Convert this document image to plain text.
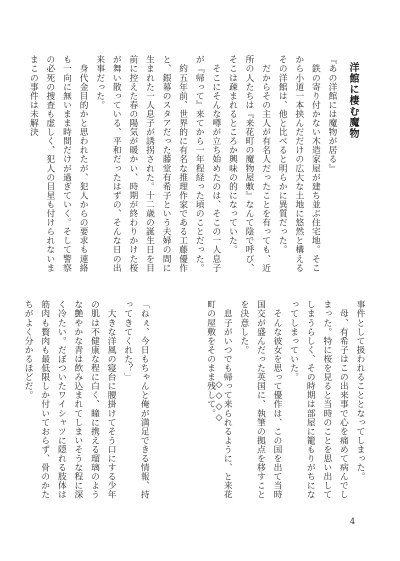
洋館に棲む魔物

『あの洋館には魔物が居る』

　鉄の寄り付かない木造家屋が建ち並ぶ住宅地。そこから小道一本挟んだだけの広大な土地に悠然と構えるその洋館は、他と比べると明らかに異質だった。

　だからその主人が有名人だったことを有っても、近所の人たちは『来花町の魔物屋敷』なんて陰で呼び、そこは疎まれるところか興味の的になっていた。

　そこにそんな噂が立ち始めたのは、そこの一人息子が『帰って』来てから一年程経った頃のことだった。

　約五年前、世界的に有名な推理作家である工藤優作と、銀幕のスタアだった藤堂有希子という夫婦の間に生まれた一人息子が誘拐された。十二歳の誕生日を目前に控えた春の陽気が暖かい、時期が終わりかけた桜が舞い散っている、平和だったはずの、そんな日の出来事だった。

　身代金目的かと思われたが、犯人からの要求も連絡も一向に無いまま時間だけが過ぎていく。そして警察の必死の捜査も虚しく、犯人の目星も付けられないままこの事件は未解決

事件として扱われることとなってしまった。

　母、有希子はこの出来事で心を痛めて病んでしまった。特に桜を見ると当時のことを思い出してしまうらしく、その時期は部屋に籠もりがちになってしまっていた。

　そんな彼女を思って優作は、この国を出て当時国交が盛んだった英国に、執筆の拠点を移すことを決意した。

　息子がいつでも帰って来られるように、と来花町の屋敷をそのまま残して。

「ねぇ、今日もちゃんと俺が満足できる情報、持ってきてくれた？」

　大きな洋風の寝台に腰掛けてそう口にする少年の肌は不健康な程に白く、瞳に携える瑠璃のような艶やかな青は飲み込まれてしまいそうな程に深く冷たい。だぼついたワイシャツに隠れる肢体は筋肉も贅肉も最低限しか付いておらず、骨のかたちがよく分かるほどだ。

◇◇◇◇
4
